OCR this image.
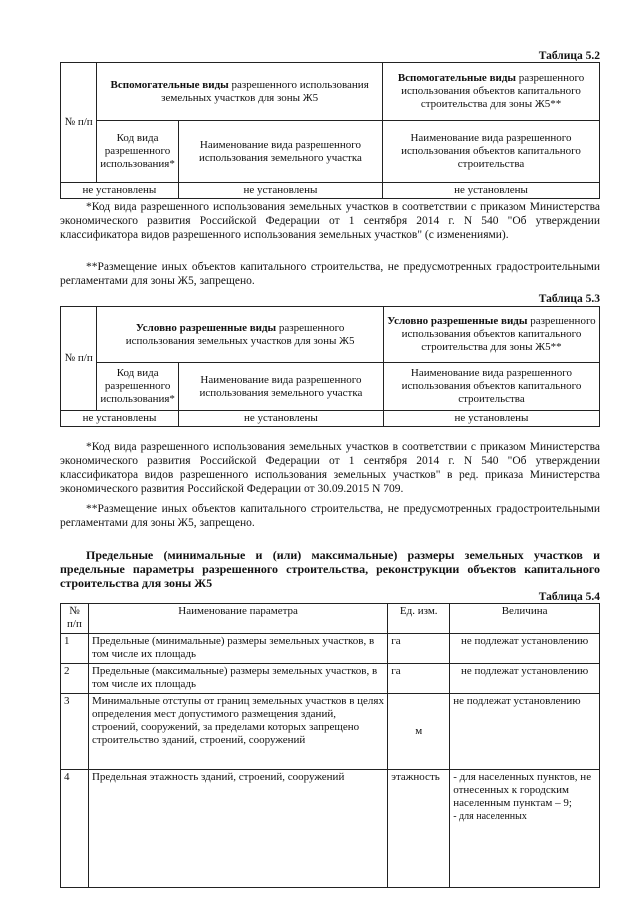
Таблица 5.2
№ п/п	Вспомогательные виды разрешенного использования земельных участков для зоны Ж5		Вспомогательные виды разрешенного использования объектов капитального строительства для зоны Ж5**
	Код вида разрешенного использования*	Наименование вида разрешенного использования земельного участка	Наименование вида разрешенного использования объектов капитального строительства
не установлены		не установлены	не установлены
*Код вида разрешенного использования земельных участков в соответствии с приказом Министерства экономического развития Российской Федерации от 1 сентября 2014 г. N 540 "Об утверждении классификатора видов разрешенного использования земельных участков" (с изменениями).
**Размещение иных объектов капитального строительства, не предусмотренных градостроительными регламентами для зоны Ж5, запрещено.
Таблица 5.3
№ п/п	Условно разрешенные виды разрешенного использования земельных участков для зоны Ж5		Условно разрешенные виды разрешенного использования объектов капитального строительства для зоны Ж5**
	Код вида разрешенного использования*	Наименование вида разрешенного использования земельного участка	Наименование вида разрешенного использования объектов капитального строительства
не установлены		не установлены	не установлены
*Код вида разрешенного использования земельных участков в соответствии с приказом Министерства экономического развития Российской Федерации от 1 сентября 2014 г. N 540 "Об утверждении классификатора видов разрешенного использования земельных участков" в ред. приказа Министерства экономического развития Российской Федерации от 30.09.2015 N 709.
**Размещение иных объектов капитального строительства, не предусмотренных градостроительными регламентами для зоны Ж5, запрещено.
Предельные (минимальные и (или) максимальные) размеры земельных участков и предельные параметры разрешенного строительства, реконструкции объектов капитального строительства для зоны Ж5
Таблица 5.4
№ п/п	Наименование параметра	Ед. изм.	Величина
1	Предельные (минимальные) размеры земельных участков, в том числе их площадь	га	не подлежат установлению
2	Предельные (максимальные) размеры земельных участков, в том числе их площадь	га	не подлежат установлению
3	Минимальные отступы от границ земельных участков в целях определения мест допустимого размещения зданий, строений, сооружений, за пределами которых запрещено строительство зданий, строений, сооружений	м	не подлежат установлению
4	Предельная этажность зданий, строений, сооружений	этажность	- для населенных пунктов, не отнесенных к городским населенным пунктам – 9;
- для населенных
